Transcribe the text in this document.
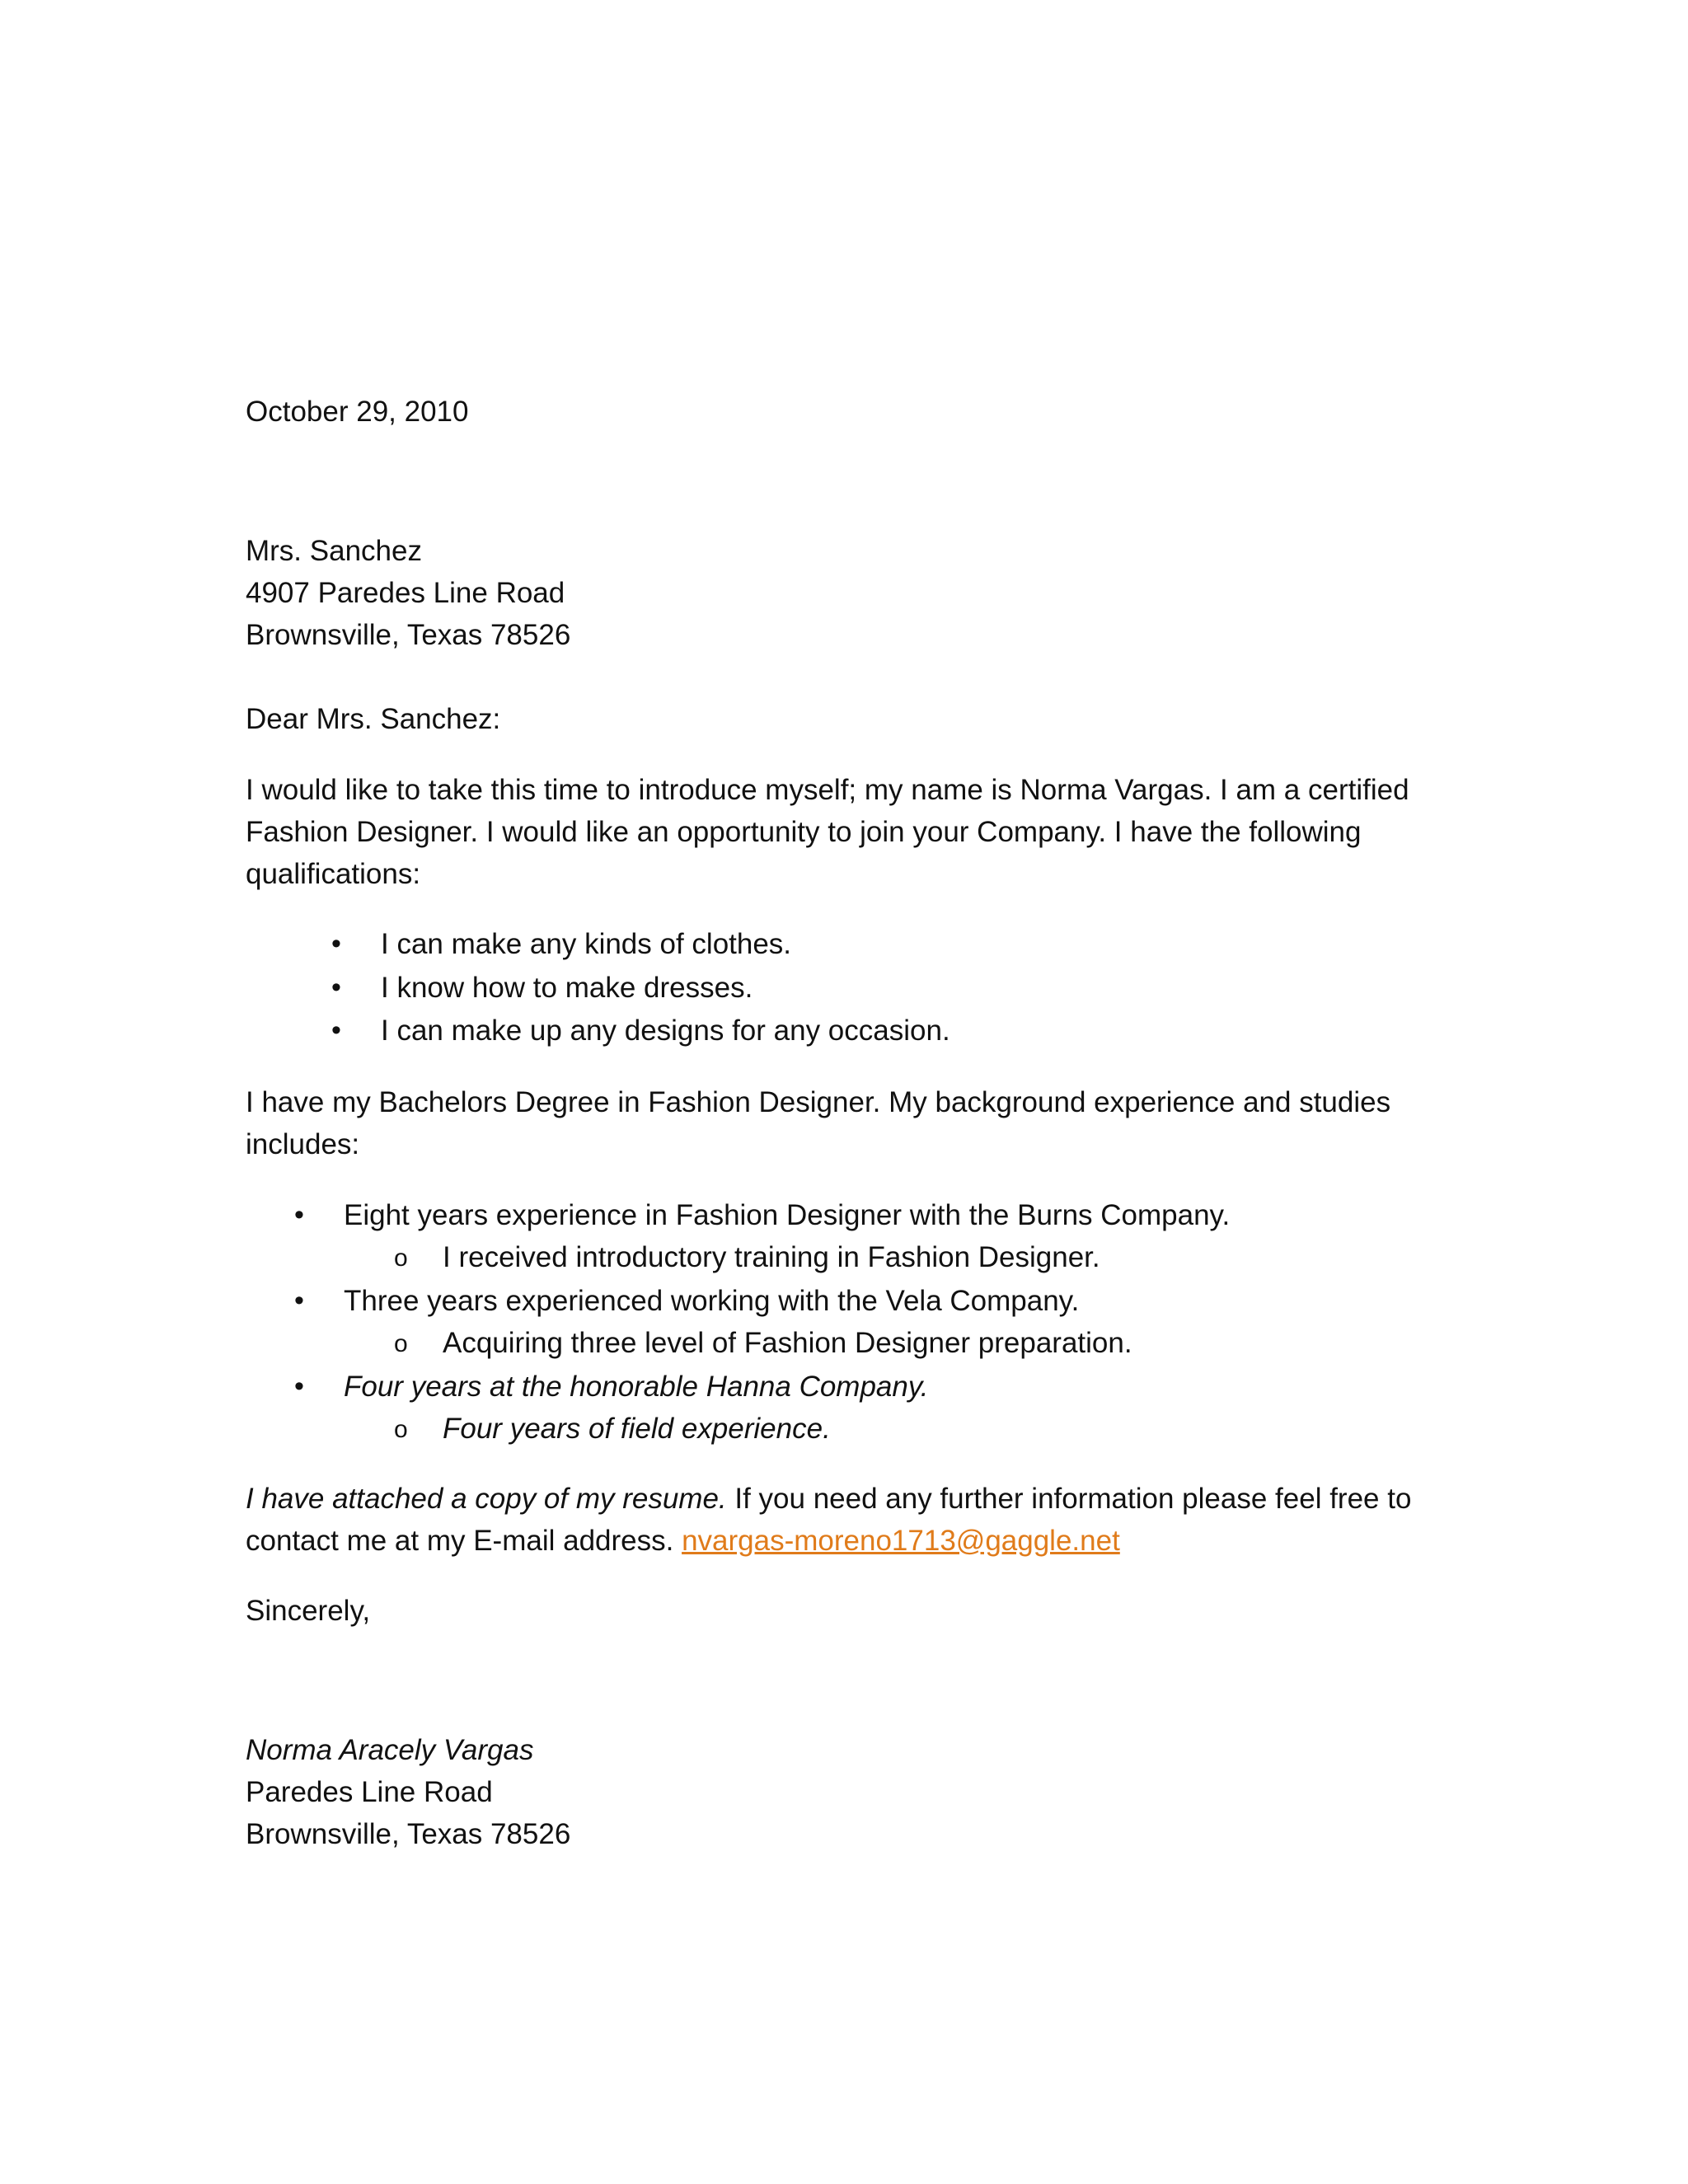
October 29, 2010
Mrs. Sanchez
4907 Paredes Line Road
Brownsville, Texas 78526
Dear Mrs. Sanchez:
I would like to take this time to introduce myself; my name is Norma Vargas. I am a certified
Fashion Designer. I would like an opportunity to join your Company. I have the following
qualifications:
• I can make any kinds of clothes.
• I know how to make dresses.
• I can make up any designs for any occasion.
I have my Bachelors Degree in Fashion Designer. My background experience and studies
includes:
• Eight years experience in Fashion Designer with the Burns Company.
o I received introductory training in Fashion Designer.
• Three years experienced working with the Vela Company.
o Acquiring three level of Fashion Designer preparation.
• Four years at the honorable Hanna Company.
o Four years of field experience.
I have attached a copy of my resume. If you need any further information please feel free to
contact me at my E-mail address. nvargas-moreno1713@gaggle.net
Sincerely,
Norma Aracely Vargas
Paredes Line Road
Brownsville, Texas 78526
